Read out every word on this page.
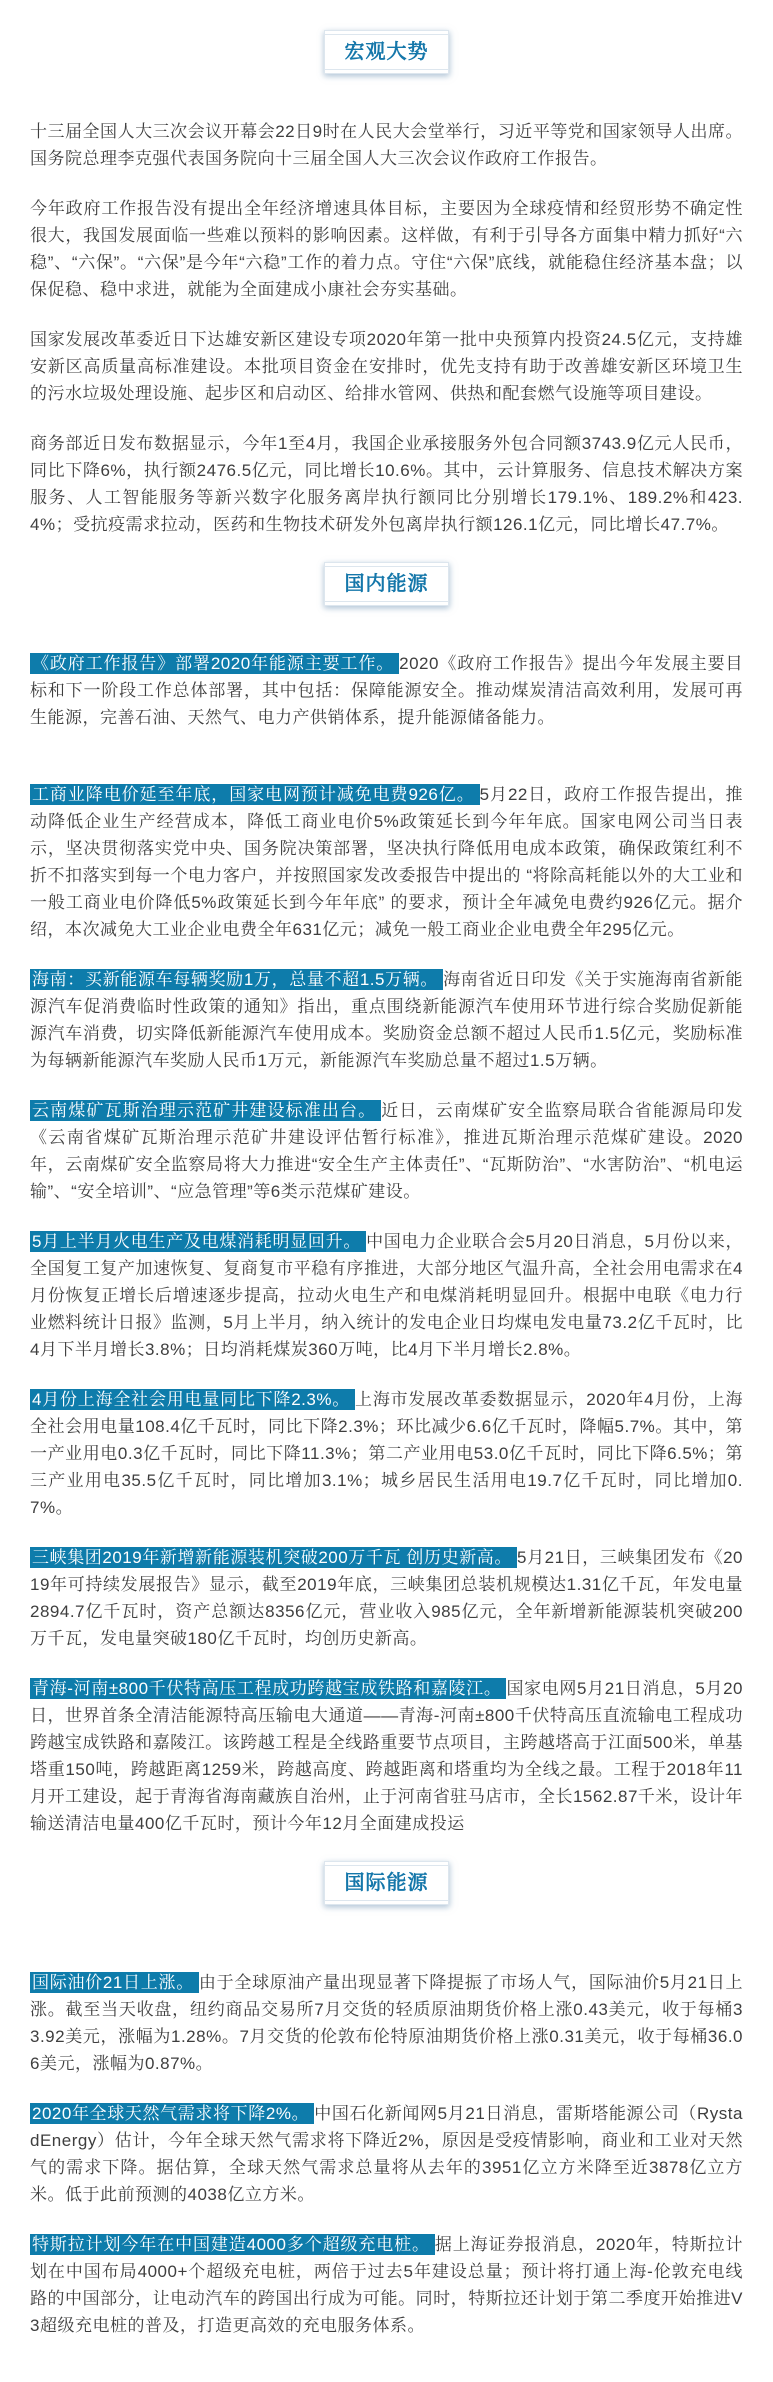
宏观大势

十三届全国人大三次会议开幕会22日9时在人民大会堂举行，习近平等党和国家领导人出席。国务院总理李克强代表国务院向十三届全国人大三次会议作政府工作报告。

今年政府工作报告没有提出全年经济增速具体目标，主要因为全球疫情和经贸形势不确定性很大，我国发展面临一些难以预料的影响因素。这样做，有利于引导各方面集中精力抓好“六稳”、“六保”。“六保”是今年“六稳”工作的着力点。守住“六保”底线，就能稳住经济基本盘；以保促稳、稳中求进，就能为全面建成小康社会夯实基础。

国家发展改革委近日下达雄安新区建设专项2020年第一批中央预算内投资24.5亿元，支持雄安新区高质量高标准建设。本批项目资金在安排时，优先支持有助于改善雄安新区环境卫生的污水垃圾处理设施、起步区和启动区、给排水管网、供热和配套燃气设施等项目建设。

商务部近日发布数据显示，今年1至4月，我国企业承接服务外包合同额3743.9亿元人民币，同比下降6%，执行额2476.5亿元，同比增长10.6%。其中，云计算服务、信息技术解决方案服务、人工智能服务等新兴数字化服务离岸执行额同比分别增长179.1%、189.2%和423.4%；受抗疫需求拉动，医药和生物技术研发外包离岸执行额126.1亿元，同比增长47.7%。

国内能源

《政府工作报告》部署2020年能源主要工作。 2020《政府工作报告》提出今年发展主要目标和下一阶段工作总体部署，其中包括：保障能源安全。推动煤炭清洁高效利用，发展可再生能源，完善石油、天然气、电力产供销体系，提升能源储备能力。

工商业降电价延至年底，国家电网预计减免电费926亿。 5月22日，政府工作报告提出，推动降低企业生产经营成本，降低工商业电价5%政策延长到今年年底。国家电网公司当日表示，坚决贯彻落实党中央、国务院决策部署，坚决执行降低用电成本政策，确保政策红利不折不扣落实到每一个电力客户，并按照国家发改委报告中提出的 “将除高耗能以外的大工业和一般工商业电价降低5%政策延长到今年年底” 的要求，预计全年减免电费约926亿元。据介绍，本次减免大工业企业电费全年631亿元；减免一般工商业企业电费全年295亿元。

海南：买新能源车每辆奖励1万，总量不超1.5万辆。 海南省近日印发《关于实施海南省新能源汽车促消费临时性政策的通知》指出，重点围绕新能源汽车使用环节进行综合奖励促新能源汽车消费，切实降低新能源汽车使用成本。奖励资金总额不超过人民币1.5亿元，奖励标准为每辆新能源汽车奖励人民币1万元，新能源汽车奖励总量不超过1.5万辆。

云南煤矿瓦斯治理示范矿井建设标准出台。 近日，云南煤矿安全监察局联合省能源局印发《云南省煤矿瓦斯治理示范矿井建设评估暂行标准》，推进瓦斯治理示范煤矿建设。2020年，云南煤矿安全监察局将大力推进“安全生产主体责任”、“瓦斯防治”、“水害防治”、“机电运输”、“安全培训”、“应急管理”等6类示范煤矿建设。

5月上半月火电生产及电煤消耗明显回升。 中国电力企业联合会5月20日消息，5月份以来，全国复工复产加速恢复、复商复市平稳有序推进，大部分地区气温升高，全社会用电需求在4月份恢复正增长后增速逐步提高，拉动火电生产和电煤消耗明显回升。根据中电联《电力行业燃料统计日报》监测，5月上半月，纳入统计的发电企业日均煤电发电量73.2亿千瓦时，比4月下半月增长3.8%；日均消耗煤炭360万吨，比4月下半月增长2.8%。

4月份上海全社会用电量同比下降2.3%。 上海市发展改革委数据显示，2020年4月份，上海全社会用电量108.4亿千瓦时，同比下降2.3%；环比减少6.6亿千瓦时，降幅5.7%。其中，第一产业用电0.3亿千瓦时，同比下降11.3%；第二产业用电53.0亿千瓦时，同比下降6.5%；第三产业用电35.5亿千瓦时，同比增加3.1%；城乡居民生活用电19.7亿千瓦时，同比增加0.7%。

三峡集团2019年新增新能源装机突破200万千瓦 创历史新高。 5月21日，三峡集团发布《2019年可持续发展报告》显示，截至2019年底，三峡集团总装机规模达1.31亿千瓦，年发电量2894.7亿千瓦时，资产总额达8356亿元，营业收入985亿元，全年新增新能源装机突破200万千瓦，发电量突破180亿千瓦时，均创历史新高。

青海-河南±800千伏特高压工程成功跨越宝成铁路和嘉陵江。 国家电网5月21日消息，5月20日，世界首条全清洁能源特高压输电大通道——青海-河南±800千伏特高压直流输电工程成功跨越宝成铁路和嘉陵江。该跨越工程是全线路重要节点项目，主跨越塔高于江面500米，单基塔重150吨，跨越距离1259米，跨越高度、跨越距离和塔重均为全线之最。工程于2018年11月开工建设，起于青海省海南藏族自治州，止于河南省驻马店市，全长1562.87千米，设计年输送清洁电量400亿千瓦时，预计今年12月全面建成投运

国际能源

国际油价21日上涨。 由于全球原油产量出现显著下降提振了市场人气，国际油价5月21日上涨。截至当天收盘，纽约商品交易所7月交货的轻质原油期货价格上涨0.43美元，收于每桶33.92美元，涨幅为1.28%。7月交货的伦敦布伦特原油期货价格上涨0.31美元，收于每桶36.06美元，涨幅为0.87%。

2020年全球天然气需求将下降2%。 中国石化新闻网5月21日消息，雷斯塔能源公司（RystadEnergy）估计，今年全球天然气需求将下降近2%，原因是受疫情影响，商业和工业对天然气的需求下降。据估算，全球天然气需求总量将从去年的3951亿立方米降至近3878亿立方米。低于此前预测的4038亿立方米。

特斯拉计划今年在中国建造4000多个超级充电桩。 据上海证券报消息，2020年，特斯拉计划在中国布局4000+个超级充电桩，两倍于过去5年建设总量；预计将打通上海-伦敦充电线路的中国部分，让电动汽车的跨国出行成为可能。同时，特斯拉还计划于第二季度开始推进V3超级充电桩的普及，打造更高效的充电服务体系。
